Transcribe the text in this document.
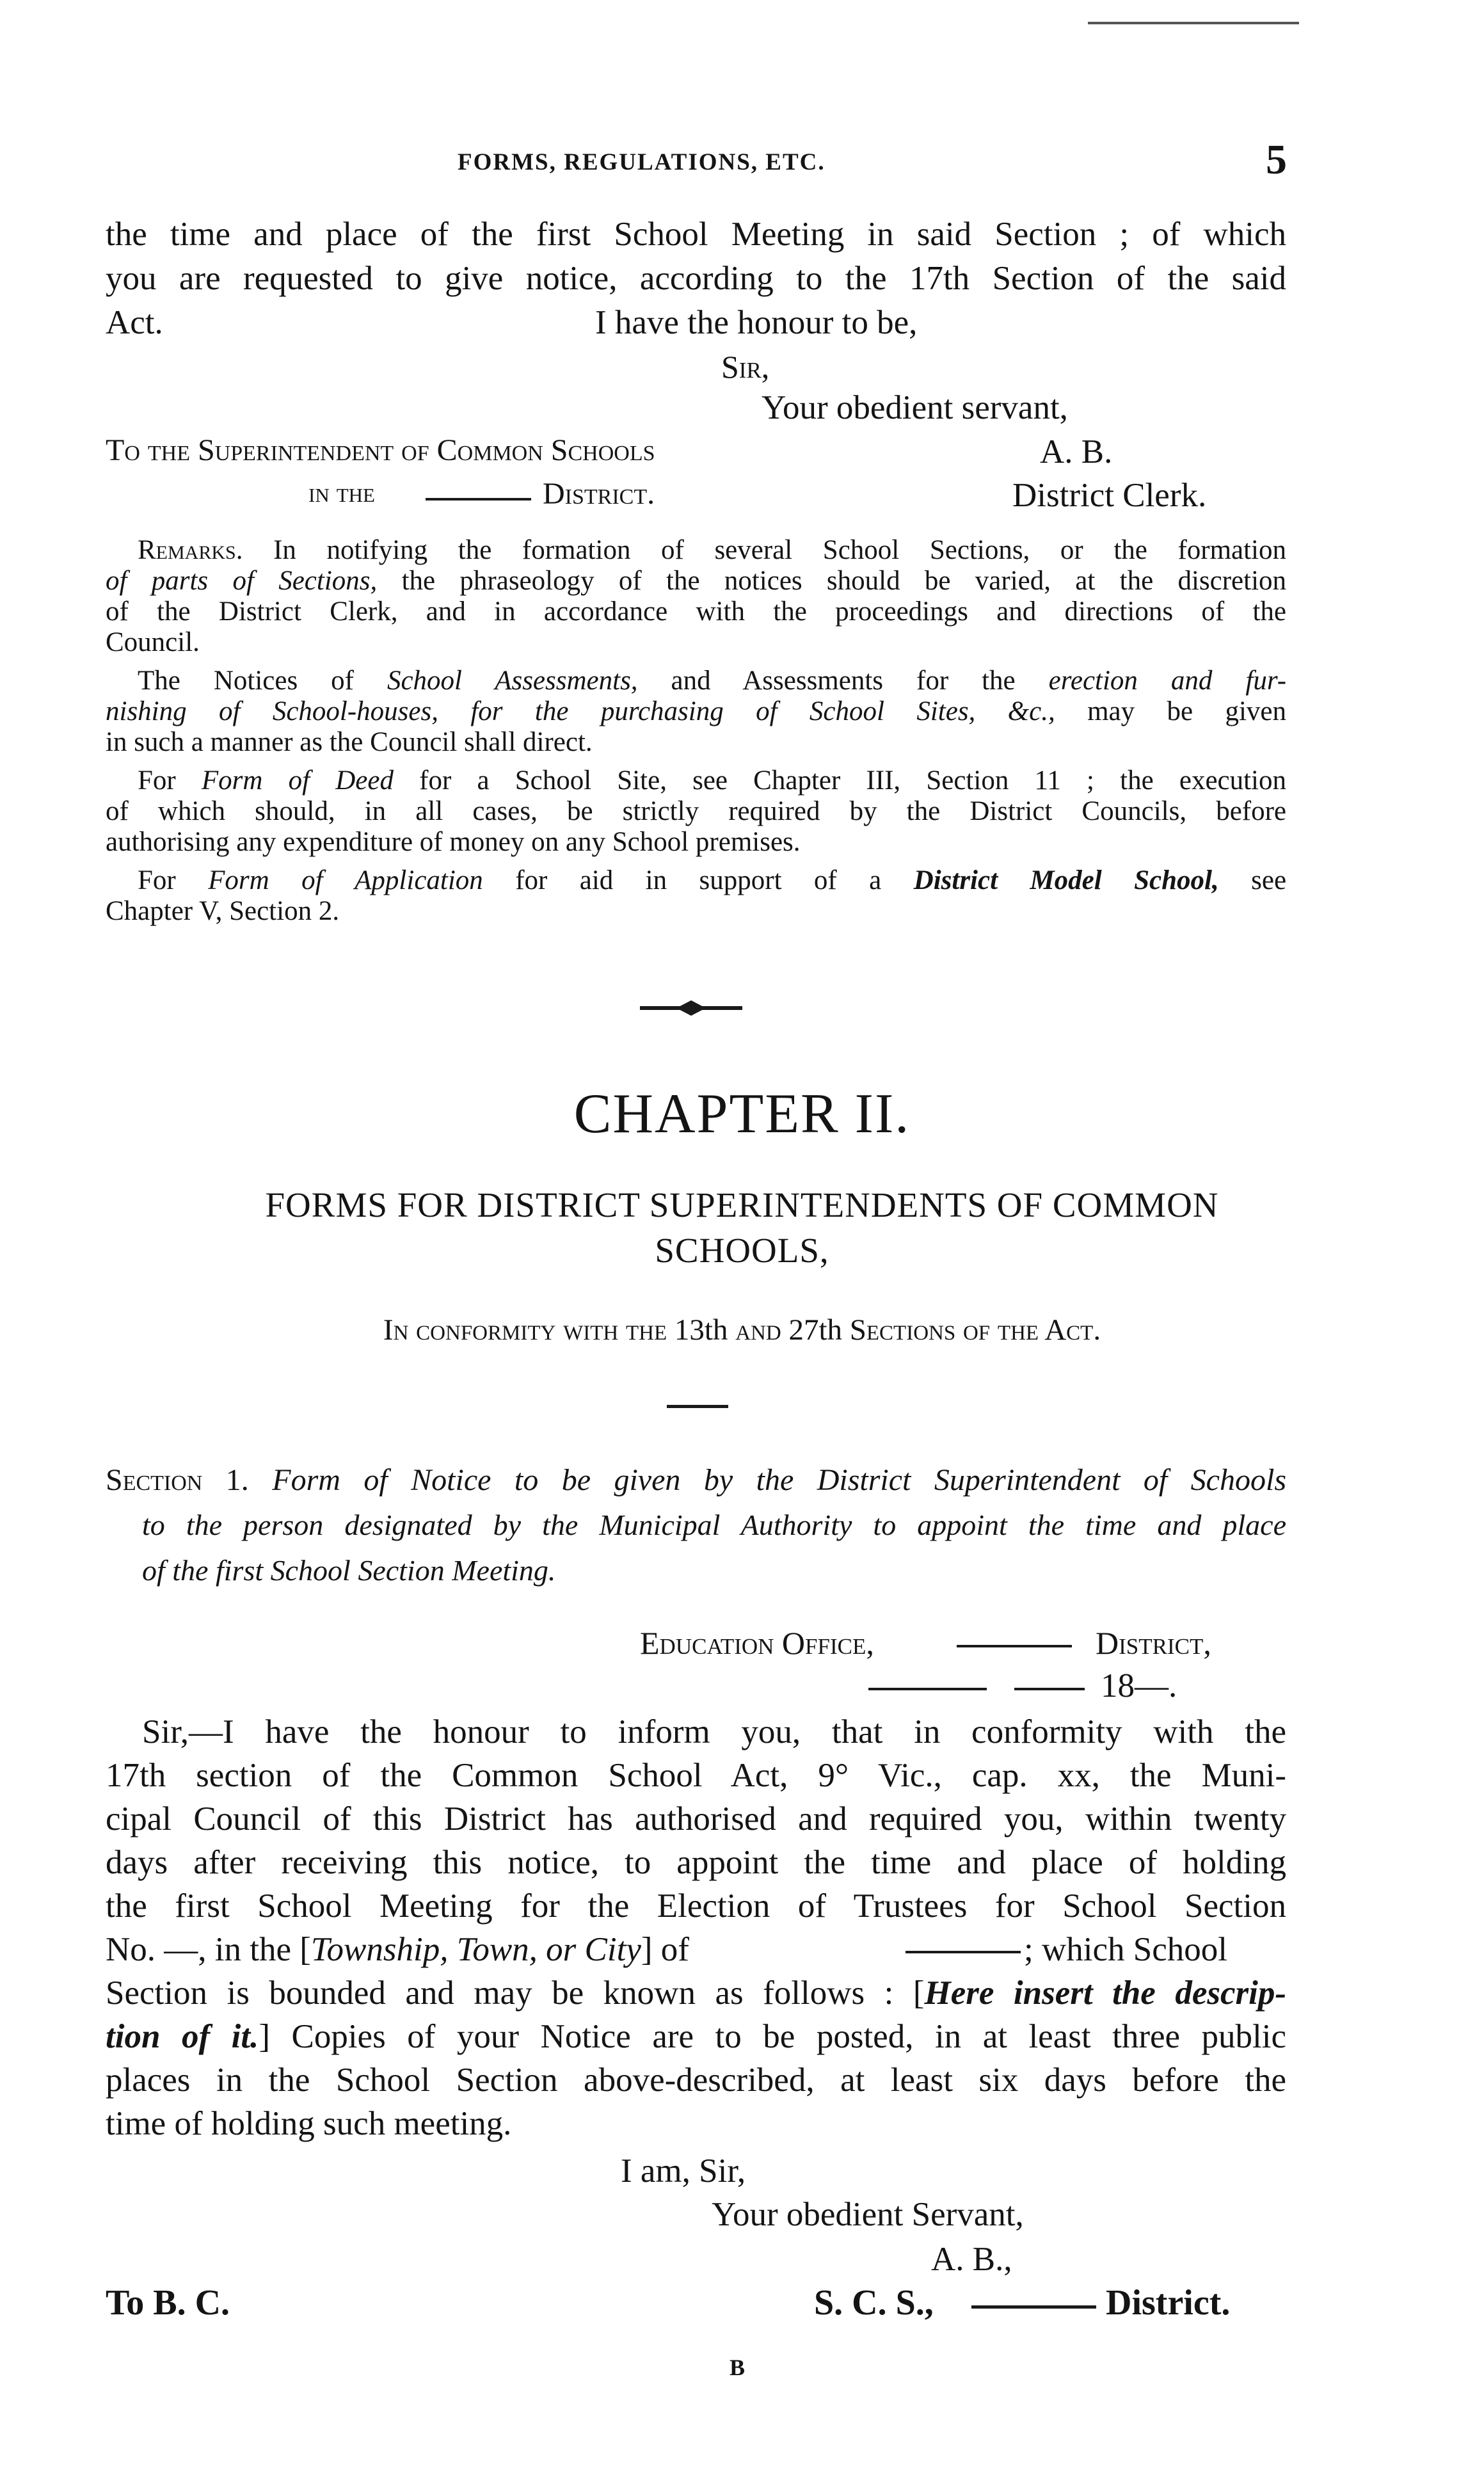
FORMS, REGULATIONS, ETC.	5
the time and place of the first School Meeting in said Section ; of which
you are requested to give notice, according to the 17th Section of the said
Act.	I have the honour to be,
Sir,
Your obedient servant,
To the Superintendent of Common Schools	A. B.
in the	District.	District Clerk.
Remarks. In notifying the formation of several School Sections, or the formation
of parts of Sections, the phraseology of the notices should be varied, at the discretion
of the District Clerk, and in accordance with the proceedings and directions of the
Council.
The Notices of School Assessments, and Assessments for the erection and fur-
nishing of School-houses, for the purchasing of School Sites, &c., may be given
in such a manner as the Council shall direct.
For Form of Deed for a School Site, see Chapter III, Section 11 ; the execution
of which should, in all cases, be strictly required by the District Councils, before
authorising any expenditure of money on any School premises.
For Form of Application for aid in support of a District Model School, see
Chapter V, Section 2.
CHAPTER II.
FORMS FOR DISTRICT SUPERINTENDENTS OF COMMON
SCHOOLS,
In conformity with the 13th and 27th Sections of the Act.
Section 1. Form of Notice to be given by the District Superintendent of Schools
to the person designated by the Municipal Authority to appoint the time and place
of the first School Section Meeting.
Education Office,	District,
18—.
Sir,—I have the honour to inform you, that in conformity with the
17th section of the Common School Act, 9° Vic., cap. xx, the Muni-
cipal Council of this District has authorised and required you, within twenty
days after receiving this notice, to appoint the time and place of holding
the first School Meeting for the Election of Trustees for School Section
No. —, in the [Township, Town, or City] of	; which School
Section is bounded and may be known as follows : [Here insert the descrip-
tion of it.] Copies of your Notice are to be posted, in at least three public
places in the School Section above-described, at least six days before the
time of holding such meeting.
I am, Sir,
Your obedient Servant,
A. B.,
To B. C.	S. C. S.,	District.
B
